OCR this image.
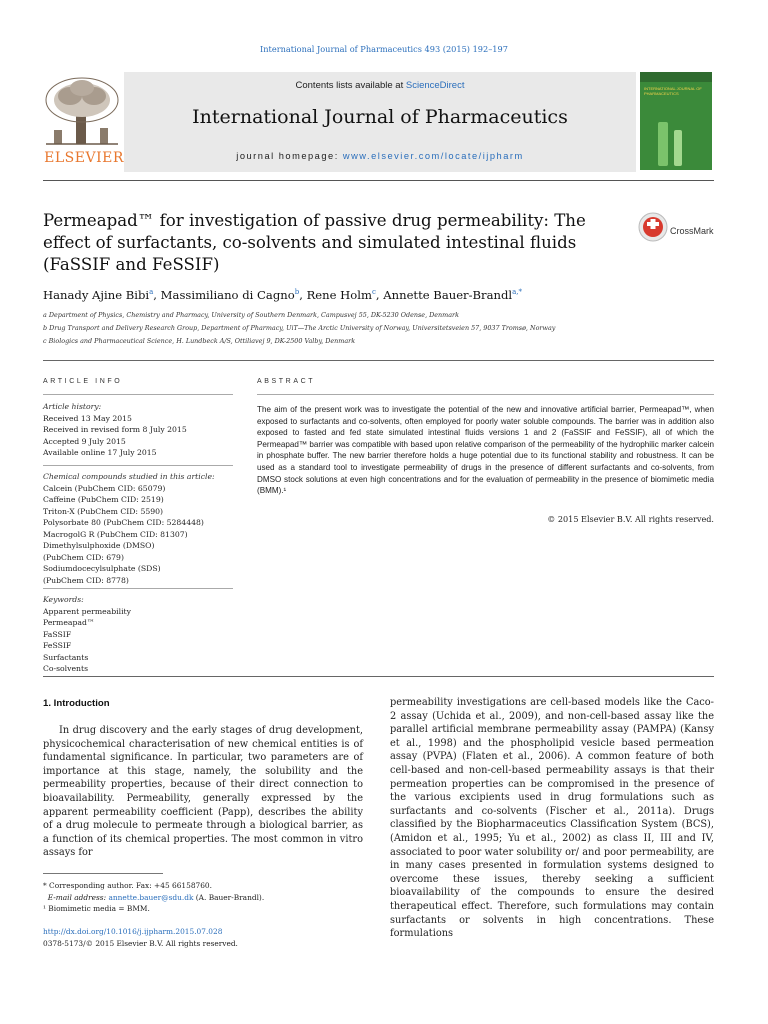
International Journal of Pharmaceutics 493 (2015) 192–197
Contents lists available at ScienceDirect
International Journal of Pharmaceutics
journal homepage: www.elsevier.com/locate/ijpharm
ELSEVIER
INTERNATIONAL JOURNAL OF PHARMACEUTICS
Permeapad™ for investigation of passive drug permeability: The effect of surfactants, co-solvents and simulated intestinal fluids (FaSSIF and FeSSIF)
CrossMark
Hanady Ajine Bibi$^a$, Massimiliano di Cagno$^b$, Rene Holm$^c$, Annette Bauer-Brandl$^{a,*}$
a Department of Physics, Chemistry and Pharmacy, University of Southern Denmark, Campusvej 55, DK-5230 Odense, Denmark
b Drug Transport and Delivery Research Group, Department of Pharmacy, UiT—The Arctic University of Norway, Universitetsveien 57, 9037 Tromsø, Norway
c Biologics and Pharmaceutical Science, H. Lundbeck A/S, Ottiliavej 9, DK-2500 Valby, Denmark
ARTICLE INFO
Article history:
Received 13 May 2015
Received in revised form 8 July 2015
Accepted 9 July 2015
Available online 17 July 2015
Chemical compounds studied in this article:
Calcein (PubChem CID: 65079)
Caffeine (PubChem CID: 2519)
Triton-X (PubChem CID: 5590)
Polysorbate 80 (PubChem CID: 5284448)
MacrogolG R (PubChem CID: 81307)
Dimethylsulphoxide (DMSO)
(PubChem CID: 679)
Sodiumdocecylsulphate (SDS)
(PubChem CID: 8778)
Keywords:
Apparent permeability
Permeapad™
FaSSIF
FeSSIF
Surfactants
Co-solvents
ABSTRACT
The aim of the present work was to investigate the potential of the new and innovative artificial barrier, Permeapad™, when exposed to surfactants and co-solvents, often employed for poorly water soluble compounds. The barrier was in addition also exposed to fasted and fed state simulated intestinal fluids versions 1 and 2 (FaSSIF and FeSSIF), all of which the Permeapad™ barrier was compatible with based upon relative comparison of the permeability of the hydrophilic marker calcein in phosphate buffer. The new barrier therefore holds a huge potential due to its functional stability and robustness. It can be used as a standard tool to investigate permeability of drugs in the presence of different surfactants and co-solvents, from DMSO stock solutions at even high concentrations and for the evaluation of permeability in the presence of biomimetic media (BMM).¹
© 2015 Elsevier B.V. All rights reserved.
1. Introduction
In drug discovery and the early stages of drug development, physicochemical characterisation of new chemical entities is of fundamental significance. In particular, two parameters are of importance at this stage, namely, the solubility and the permeability properties, because of their direct connection to bioavailability. Permeability, generally expressed by the apparent permeability coefficient (Papp), describes the ability of a drug molecule to permeate through a biological barrier, as a function of its chemical properties. The most common in vitro assays for
permeability investigations are cell-based models like the Caco-2 assay (Uchida et al., 2009), and non-cell-based assay like the parallel artificial membrane permeability assay (PAMPA) (Kansy et al., 1998) and the phospholipid vesicle based permeation assay (PVPA) (Flaten et al., 2006). A common feature of both cell-based and non-cell-based permeability assays is that their permeation properties can be compromised in the presence of the various excipients used in drug formulations such as surfactants and co-solvents (Fischer et al., 2011a). Drugs classified by the Biopharmaceutics Classification System (BCS), (Amidon et al., 1995; Yu et al., 2002) as class II, III and IV, associated to poor water solubility or/ and poor permeability, are in many cases presented in formulation systems designed to overcome these issues, thereby seeking a sufficient bioavailability of the compounds to ensure the desired therapeutical effect. Therefore, such formulations may contain surfactants or solvents in high concentrations. These formulations
* Corresponding author. Fax: +45 66158760.
E-mail address: annette.bauer@sdu.dk (A. Bauer-Brandl).
¹ Biomimetic media = BMM.
http://dx.doi.org/10.1016/j.ijpharm.2015.07.028
0378-5173/© 2015 Elsevier B.V. All rights reserved.
